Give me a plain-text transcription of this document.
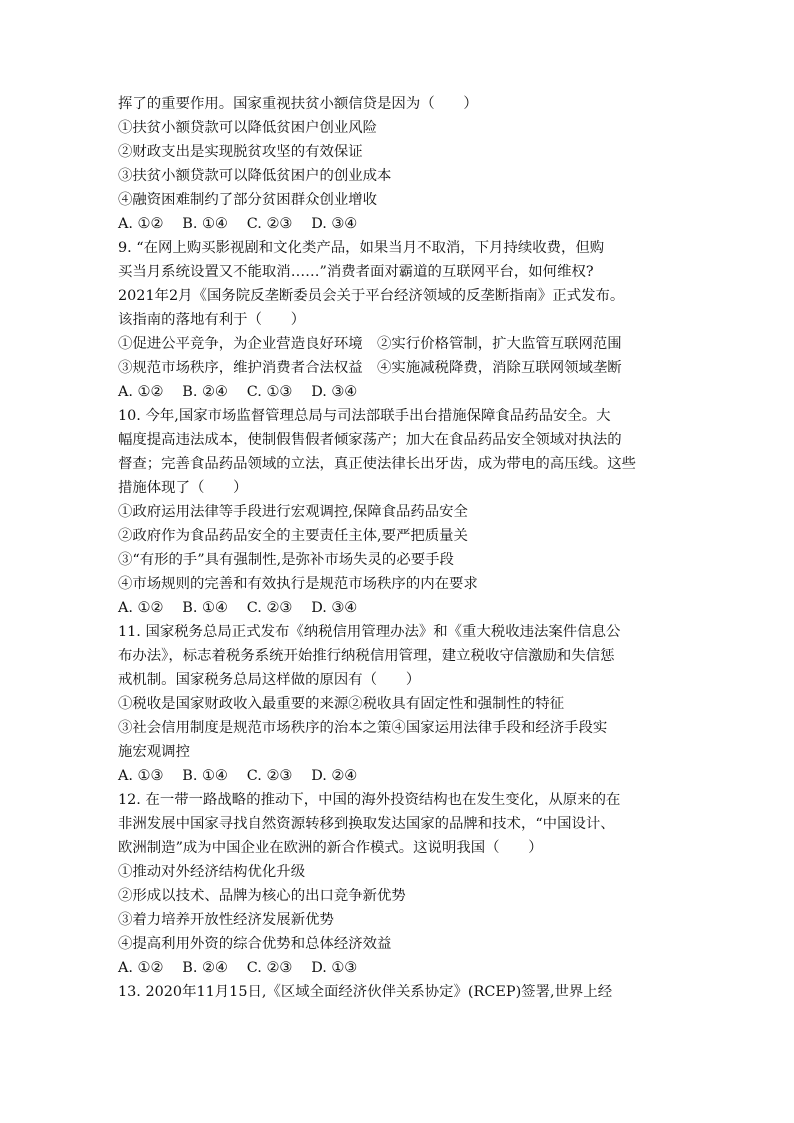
挥了的重要作用。国家重视扶贫小额信贷是因为（　　）
①扶贫小额贷款可以降低贫困户创业风险
②财政支出是实现脱贫攻坚的有效保证
③扶贫小额贷款可以降低贫困户的创业成本
④融资困难制约了部分贫困群众创业增收
A. ①②　 B. ①④　 C. ②③　 D. ③④
9. “在网上购买影视剧和文化类产品，如果当月不取消，下月持续收费，但购
买当月系统设置又不能取消……”消费者面对霸道的互联网平台，如何维权?
2021年2月《国务院反垄断委员会关于平台经济领域的反垄断指南》正式发布。
该指南的落地有利于（　　）
①促进公平竞争，为企业营造良好环境　②实行价格管制，扩大监管互联网范围
③规范市场秩序，维护消费者合法权益　④实施减税降费，消除互联网领域垄断
A. ①②　 B. ②④　 C. ①③　 D. ③④
10. 今年,国家市场监督管理总局与司法部联手出台措施保障食品药品安全。大
幅度提高违法成本，使制假售假者倾家荡产；加大在食品药品安全领域对执法的
督查；完善食品药品领域的立法，真正使法律长出牙齿，成为带电的高压线。这些
措施体现了（　　）
①政府运用法律等手段进行宏观调控,保障食品药品安全
②政府作为食品药品安全的主要责任主体,要严把质量关
③“有形的手”具有强制性,是弥补市场失灵的必要手段
④市场规则的完善和有效执行是规范市场秩序的内在要求
A. ①②　 B. ①④　 C. ②③　 D. ③④
11. 国家税务总局正式发布《纳税信用管理办法》和《重大税收违法案件信息公
布办法》，标志着税务系统开始推行纳税信用管理，建立税收守信激励和失信惩
戒机制。国家税务总局这样做的原因有（　　）
①税收是国家财政收入最重要的来源②税收具有固定性和强制性的特征
③社会信用制度是规范市场秩序的治本之策④国家运用法律手段和经济手段实
施宏观调控
A. ①③　 B. ①④　 C. ②③　 D. ②④
12. 在一带一路战略的推动下，中国的海外投资结构也在发生变化，从原来的在
非洲发展中国家寻找自然资源转移到换取发达国家的品牌和技术，“中国设计、
欧洲制造”成为中国企业在欧洲的新合作模式。这说明我国（　　）
①推动对外经济结构优化升级
②形成以技术、品牌为核心的出口竞争新优势
③着力培养开放性经济发展新优势
④提高利用外资的综合优势和总体经济效益
A. ①②　 B. ②④　 C. ②③　 D. ①③
13. 2020年11月15日,《区域全面经济伙伴关系协定》(RCEP)签署,世界上经
